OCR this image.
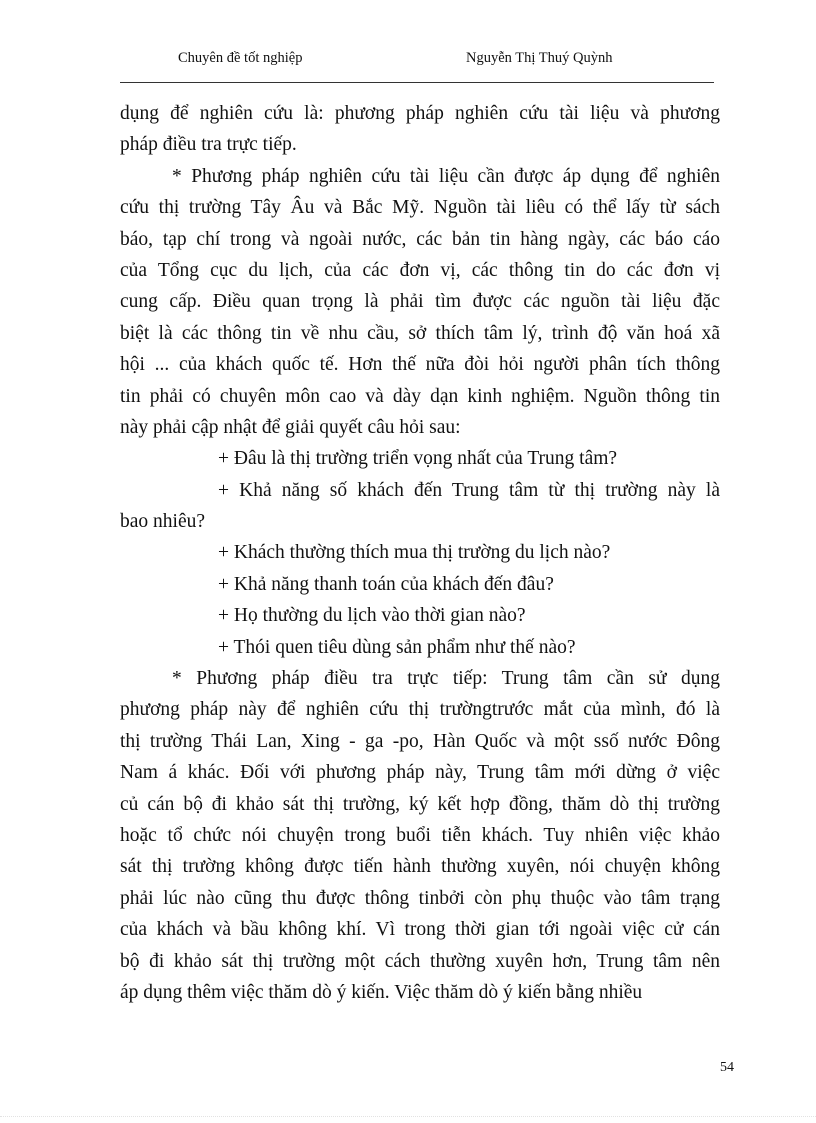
Chuyên đề tốt nghiệp	Nguyễn Thị Thuý Quỳnh
dụng để nghiên cứu là: phương pháp nghiên cứu tài liệu và phương
pháp điều tra trực tiếp.
* Phương pháp nghiên cứu tài liệu cần được áp dụng để nghiên
cứu thị trường Tây Âu và Bắc Mỹ. Nguồn tài liêu có thể lấy từ sách
báo, tạp chí trong và ngoài nước, các bản tin hàng ngày, các báo cáo
của Tổng cục du lịch, của các đơn vị, các thông tin do các đơn vị
cung cấp. Điều quan trọng là phải tìm được các nguồn tài liệu đặc
biệt là các thông tin về nhu cầu, sở thích tâm lý, trình độ văn hoá xã
hội ... của khách quốc tế. Hơn thế nữa đòi hỏi người phân tích thông
tin phải có chuyên môn cao và dày dạn kinh nghiệm. Nguồn thông tin
này phải cập nhật để giải quyết câu hỏi sau:
+ Đâu là thị trường triển vọng nhất của Trung tâm?
+ Khả năng số khách đến Trung tâm từ thị trường này là
bao nhiêu?
+ Khách thường thích mua thị trường du lịch nào?
+ Khả năng thanh toán của khách đến đâu?
+ Họ thường du lịch vào thời gian nào?
+ Thói quen tiêu dùng sản phẩm như thế nào?
* Phương pháp điều tra trực tiếp: Trung tâm cần sử dụng
phương pháp này để nghiên cứu thị trườngtrước mắt của mình, đó là
thị trường Thái Lan, Xing - ga -po, Hàn Quốc và một ssố nước Đông
Nam á khác. Đối với phương pháp này, Trung tâm mới dừng ở việc
củ cán bộ đi khảo sát thị trường, ký kết hợp đồng, thăm dò thị trường
hoặc tổ chức nói chuyện trong buổi tiễn khách. Tuy nhiên việc khảo
sát thị trường không được tiến hành thường xuyên, nói chuyện không
phải lúc nào cũng thu được thông tinbởi còn phụ thuộc vào tâm trạng
của khách và bầu không khí. Vì trong thời gian tới ngoài việc cử cán
bộ đi khảo sát thị trường một cách thường xuyên hơn, Trung tâm nên
áp dụng thêm việc thăm dò ý kiến. Việc thăm dò ý kiến bằng nhiều
54
